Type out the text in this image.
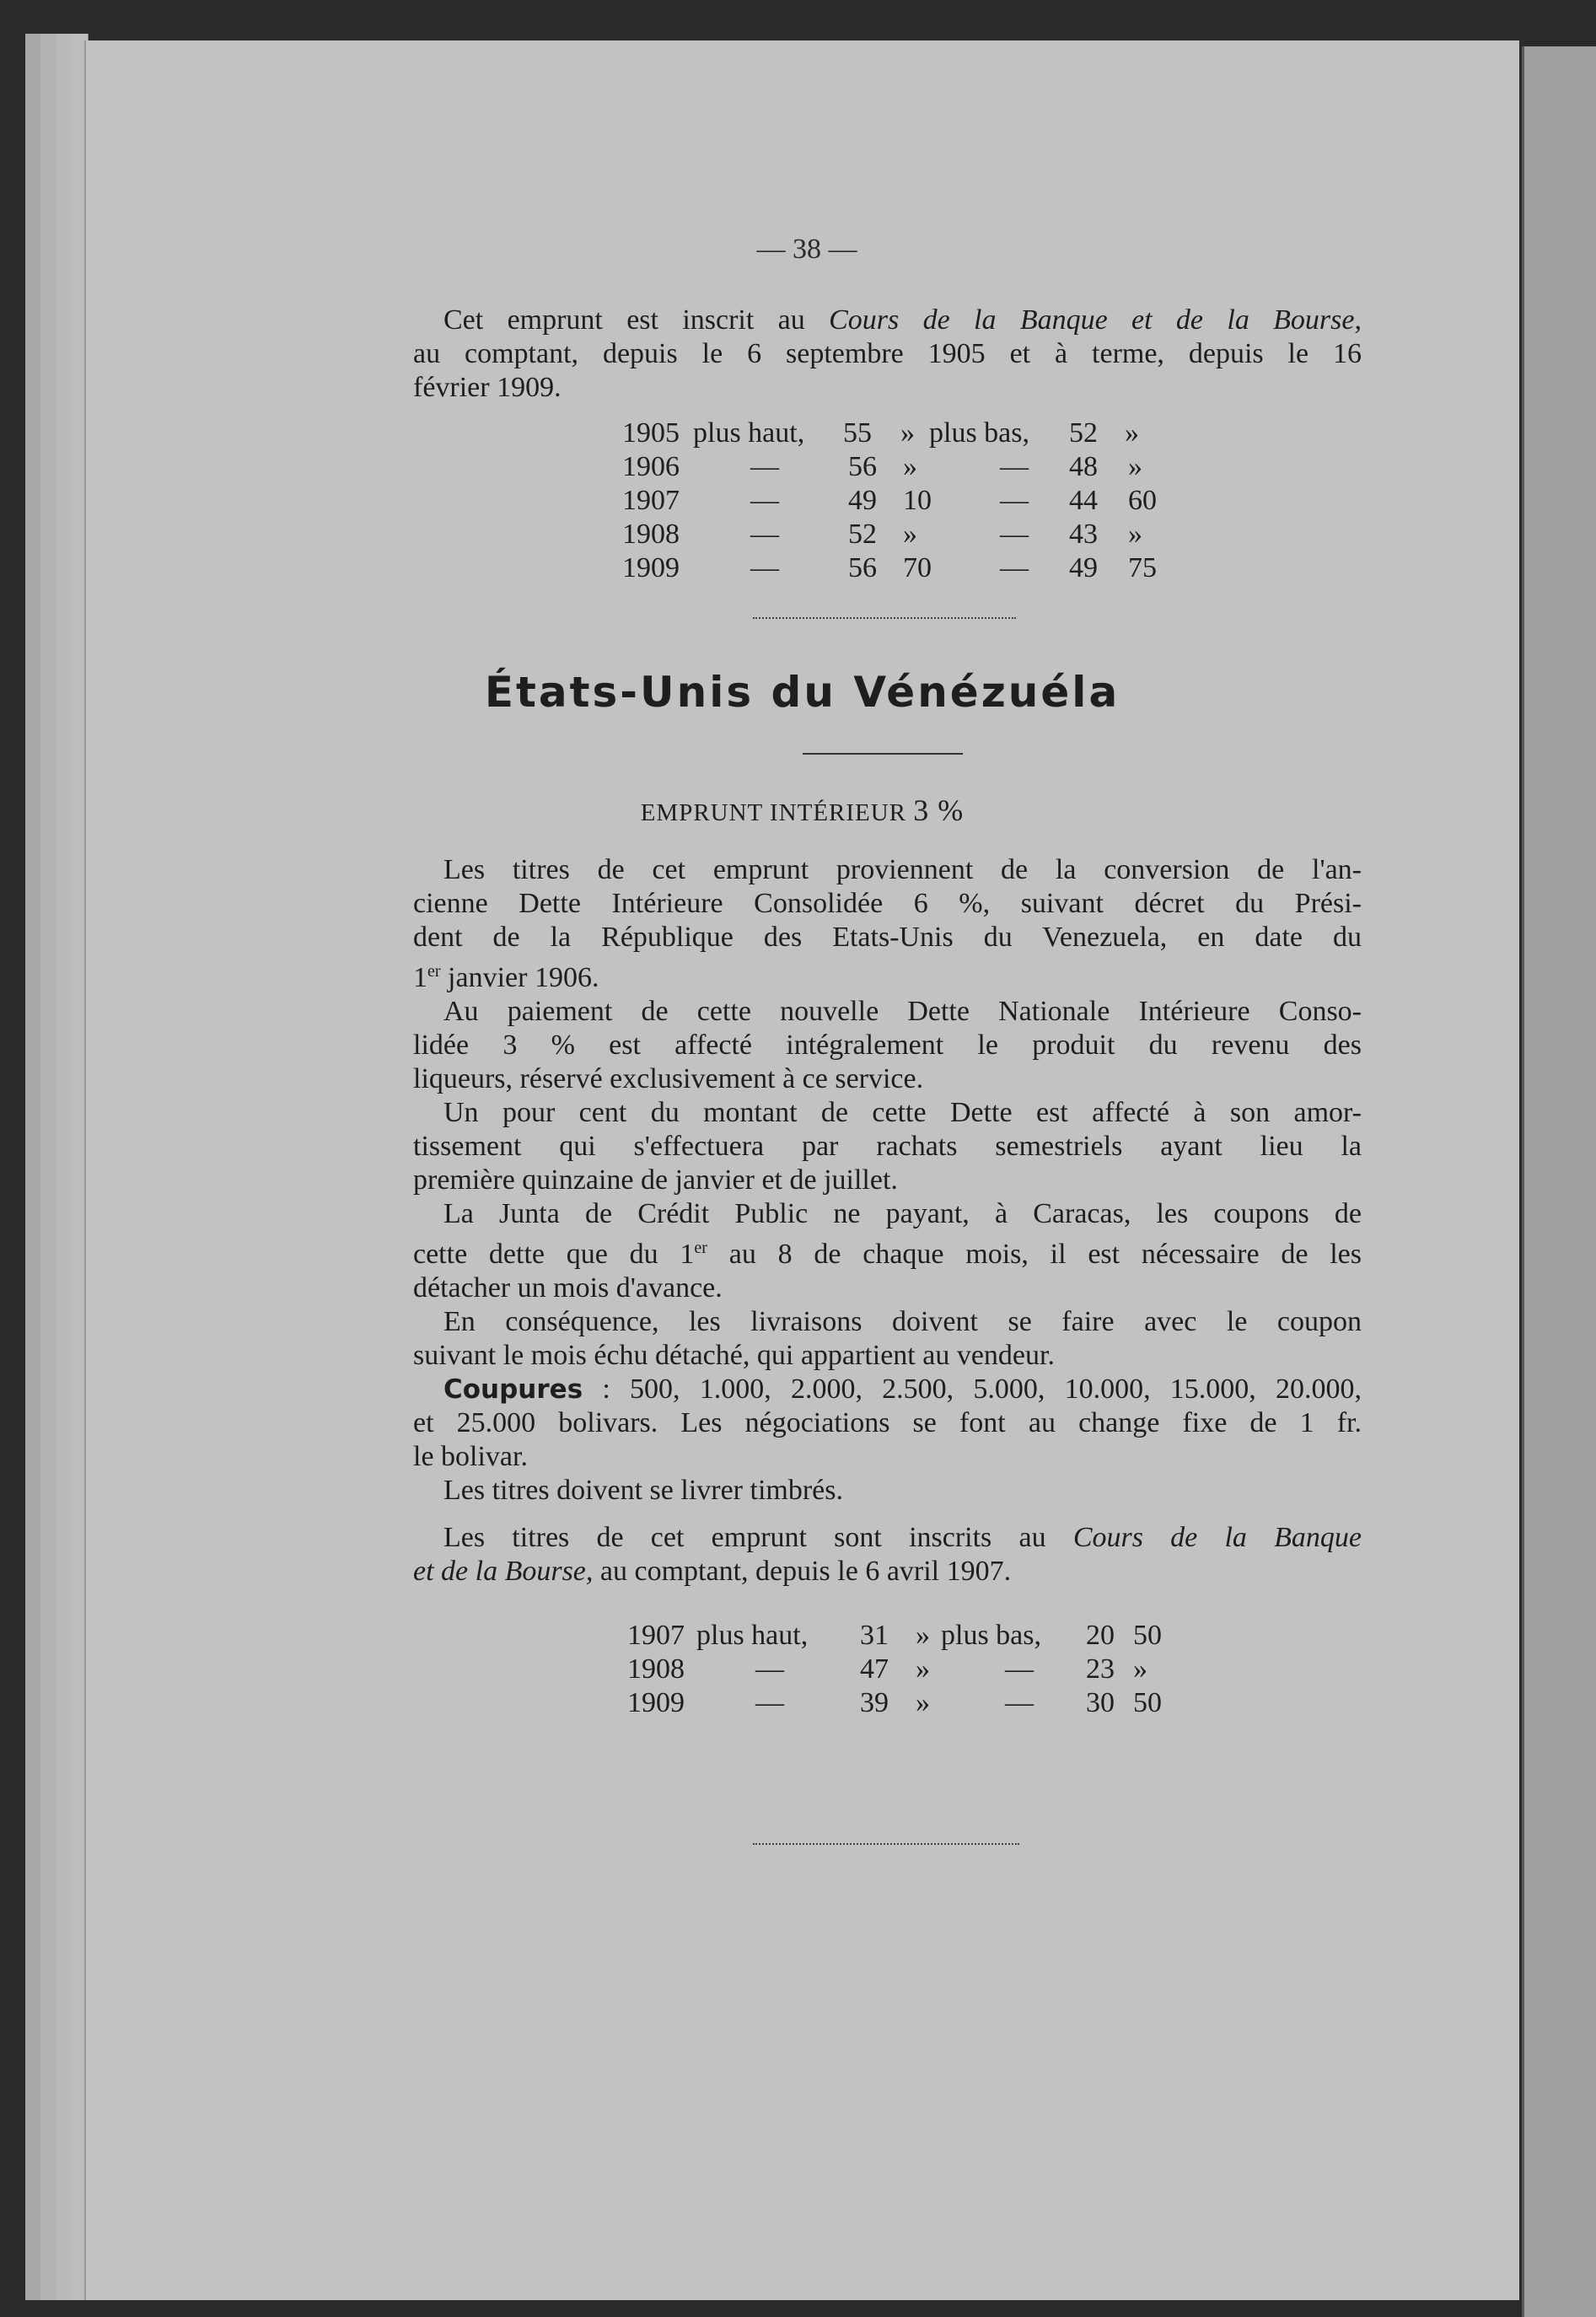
— 38 —
Cet emprunt est inscrit au Cours de la Banque et de la Bourse,
au comptant, depuis le 6 septembre 1905 et à terme, depuis le 16
février 1909.
1905 plus haut, 55 » plus bas, 52 »
1906 — 56 »	— 48 »
1907 — 49 10 — 44 60
1908 — 52 »	— 43 »
1909 — 56 70 — 49 75
États-Unis du Vénézuéla
EMPRUNT INTÉRIEUR 3 %
Les titres de cet emprunt proviennent de la conversion de l'an-
cienne Dette Intérieure Consolidée 6 %, suivant décret du Prési-
dent de la République des Etats-Unis du Venezuela, en date du
1er janvier 1906.
Au paiement de cette nouvelle Dette Nationale Intérieure Conso-
lidée 3 % est affecté intégralement le produit du revenu des
liqueurs, réservé exclusivement à ce service.
Un pour cent du montant de cette Dette est affecté à son amor-
tissement qui s'effectuera par rachats semestriels ayant lieu la
première quinzaine de janvier et de juillet.
La Junta de Crédit Public ne payant, à Caracas, les coupons de
cette dette que du 1er au 8 de chaque mois, il est nécessaire de les
détacher un mois d'avance.
En conséquence, les livraisons doivent se faire avec le coupon
suivant le mois échu détaché, qui appartient au vendeur.
Coupures : 500, 1.000, 2.000, 2.500, 5.000, 10.000, 15.000, 20.000,
et 25.000 bolivars. Les négociations se font au change fixe de 1 fr.
le bolivar.
Les titres doivent se livrer timbrés.
Les titres de cet emprunt sont inscrits au Cours de la Banque
et de la Bourse, au comptant, depuis le 6 avril 1907.
1907 plus haut, 31 » plus bas, 20 50
1908 —	47 »	— 23 »
1909 —	39 »	— 30 50
